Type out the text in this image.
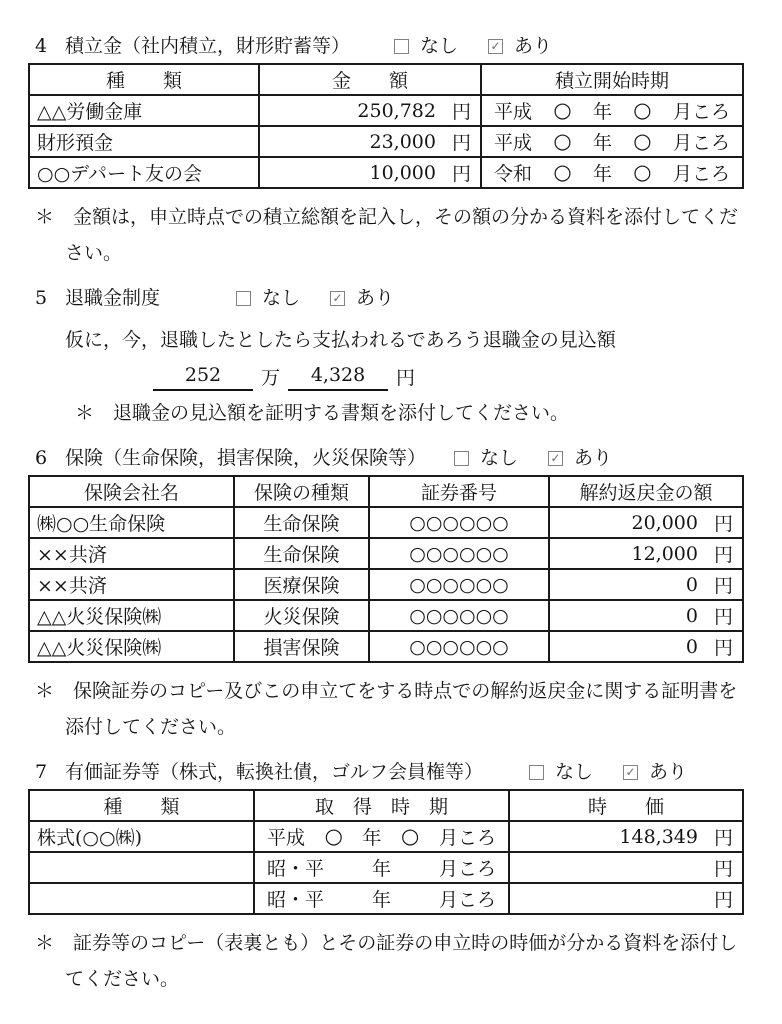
4 積立金（社内積立，財形貯蓄等）	なし	✓ あり
種　　類	金　　額	積立開始時期
△△労働金庫	250,782 円	平成 ○ 年 ○ 月ころ

財形預金	23,000 円	平成 ○ 年 ○ 月ころ

○○デパート友の会	10,000 円	令和 ○ 年 ○ 月ころ

＊　金額は，申立時点での積立総額を記入し，その額の分かる資料を添付してください。

5 退職金制度	なし	✓ あり

仮に，今，退職したとしたら支払われるであろう退職金の見込額

252	万	4,328	円

＊　退職金の見込額を証明する書類を添付してください。

6 保険（生命保険，損害保険，火災保険等）	なし	✓ あり
保険会社名	保険の種類	証券番号	解約返戻金の額
㈱○○生命保険	生命保険	○○○○○○	20,000 円

××共済	生命保険	○○○○○○	12,000 円

××共済	医療保険	○○○○○○	0 円

△△火災保険㈱	火災保険	○○○○○○	0 円

△△火災保険㈱	損害保険	○○○○○○	0 円

＊　保険証券のコピー及びこの申立てをする時点での解約返戻金に関する証明書を添付してください。

7 有価証券等（株式，転換社債，ゴルフ会員権等）	なし	✓ あり
種　　類	取　得　時　期	時　　価
株式(○○㈱)	平成 ○ 年 ○ 月ころ	148,349 円

	昭・平 年 月ころ	円

	昭・平 年 月ころ	円

＊　証券等のコピー（表裏とも）とその証券の申立時の時価が分かる資料を添付してください。
